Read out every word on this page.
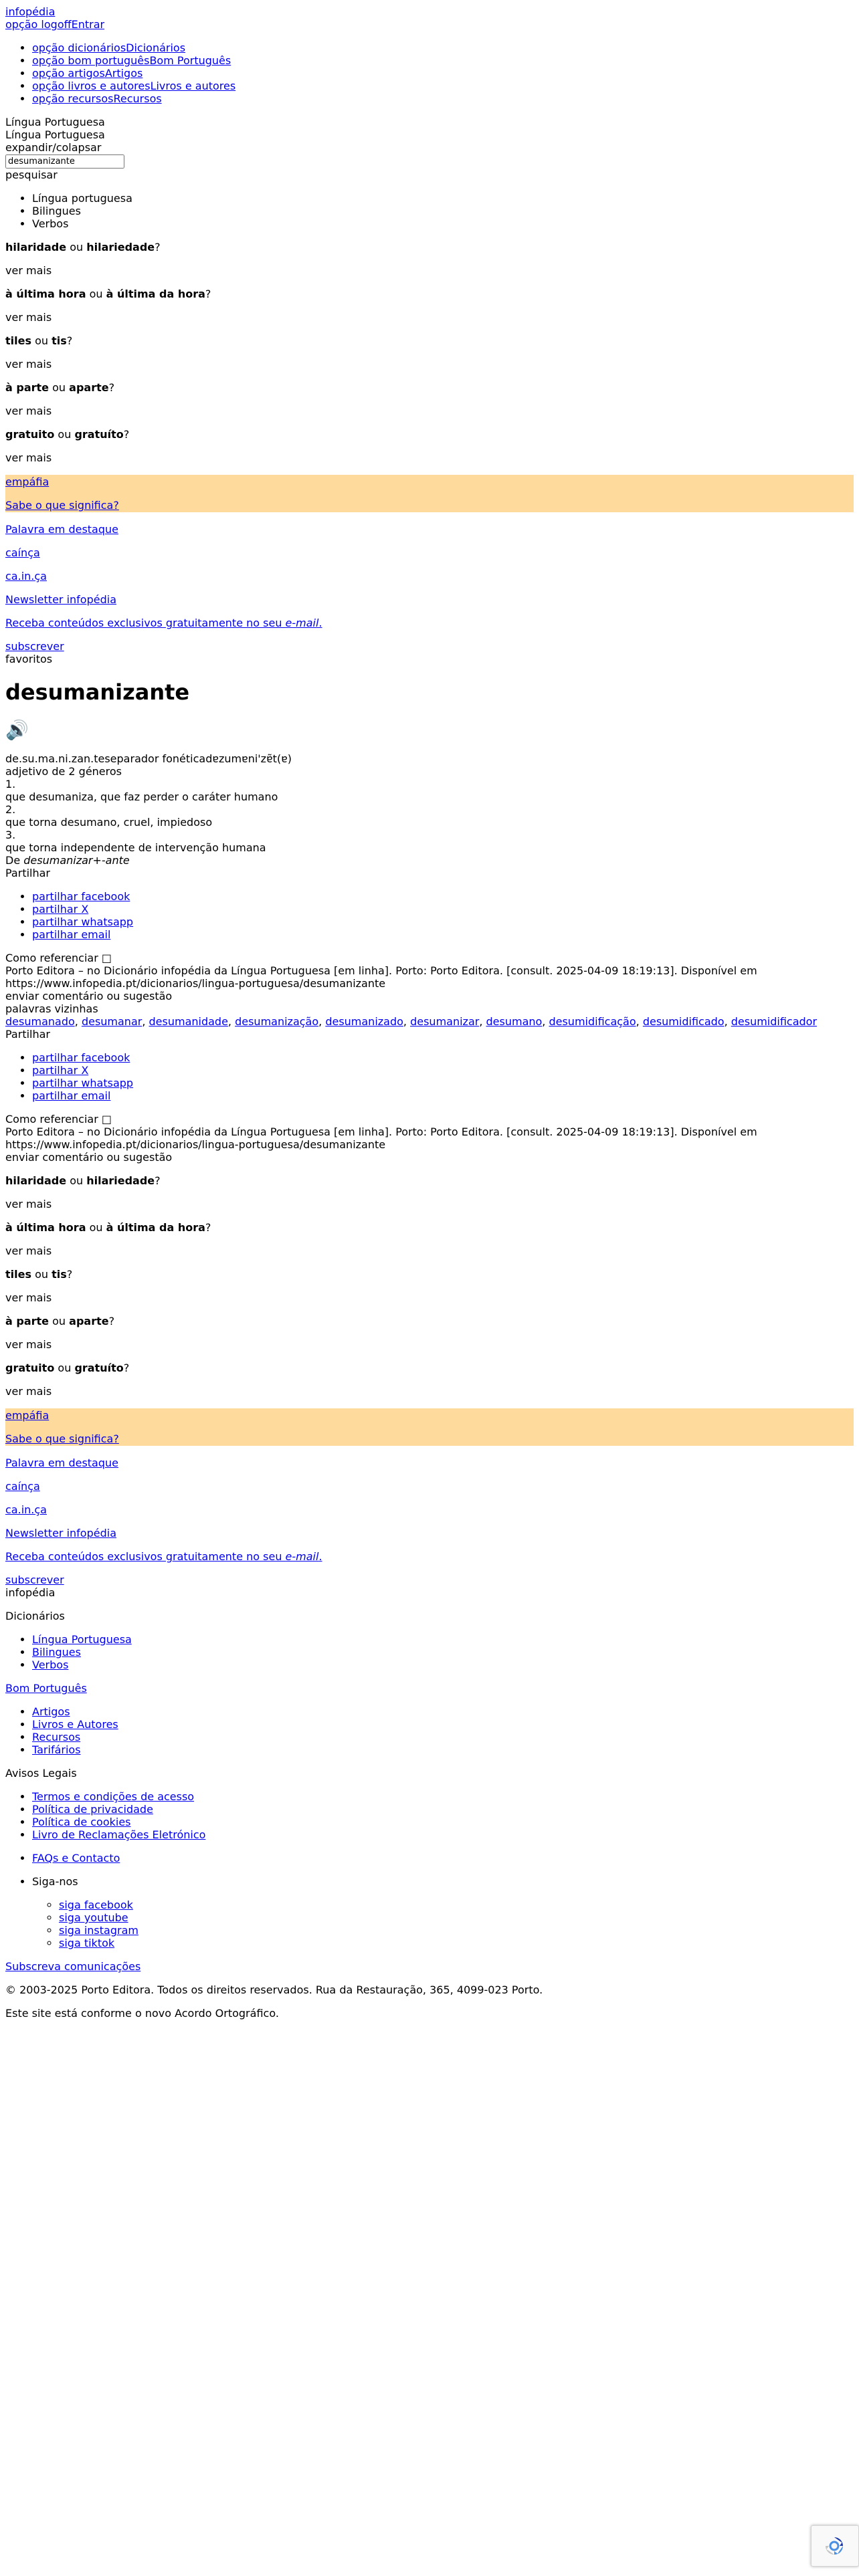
infopédia
opção logoffEntrar
• opção dicionáriosDicionários
• opção bom portuguêsBom Português
• opção artigosArtigos
• opção livros e autoresLivros e autores
• opção recursosRecursos
Língua Portuguesa
Língua Portuguesa
expandir/colapsar
desumanizante
pesquisar
• Língua portuguesa
• Bilingues
• Verbos

hilaridade ou hilariedade?

ver mais

à última hora ou à última da hora?

ver mais

tiles ou tis?

ver mais

à parte ou aparte?

ver mais

gratuito ou gratuíto?

ver mais

empáfia

Sabe o que significa?

Palavra em destaque

caínça

ca.in.ça

Newsletter infopédia

Receba conteúdos exclusivos gratuitamente no seu e-mail.

subscrever

favoritos
desumanizante
🔊
de.su.ma.ni.zan.teseparador fonéticadɐzumɐni'zɐ̃t(ɐ)
adjetivo de 2 géneros
1.
que desumaniza, que faz perder o caráter humano
2.
que torna desumano, cruel, impiedoso
3.
que torna independente de intervenção humana
De desumanizar+-ante
Partilhar
• partilhar facebook
• partilhar X
• partilhar whatsapp
• partilhar email
Como referenciar □
Porto Editora – no Dicionário infopédia da Língua Portuguesa [em linha]. Porto: Porto Editora. [consult. 2025-04-09 18:19:13]. Disponível em https://www.infopedia.pt/dicionarios/lingua-portuguesa/desumanizante
enviar comentário ou sugestão
palavras vizinhas
desumanado, desumanar, desumanidade, desumanização, desumanizado, desumanizar, desumano, desumidificação, desumidificado, desumidificador
Partilhar
• partilhar facebook
• partilhar X
• partilhar whatsapp
• partilhar email
Como referenciar □
Porto Editora – no Dicionário infopédia da Língua Portuguesa [em linha]. Porto: Porto Editora. [consult. 2025-04-09 18:19:13]. Disponível em https://www.infopedia.pt/dicionarios/lingua-portuguesa/desumanizante
enviar comentário ou sugestão

hilaridade ou hilariedade?

ver mais

à última hora ou à última da hora?

ver mais

tiles ou tis?

ver mais

à parte ou aparte?

ver mais

gratuito ou gratuíto?

ver mais

empáfia

Sabe o que significa?

Palavra em destaque

caínça

ca.in.ça

Newsletter infopédia

Receba conteúdos exclusivos gratuitamente no seu e-mail.

subscrever

infopédia

Dicionários

• Língua Portuguesa
• Bilingues
• Verbos

Bom Português

• Artigos
• Livros e Autores
• Recursos
• Tarifários

Avisos Legais

• Termos e condições de acesso
• Política de privacidade
• Política de cookies
• Livro de Reclamações Eletrónico
• FAQs e Contacto
• Siga-nos
◦ siga facebook
◦ siga youtube
◦ siga instagram
◦ siga tiktok

Subscreva comunicações

© 2003-2025 Porto Editora. Todos os direitos reservados. Rua da Restauração, 365, 4099-023 Porto.

Este site está conforme o novo Acordo Ortográfico.
